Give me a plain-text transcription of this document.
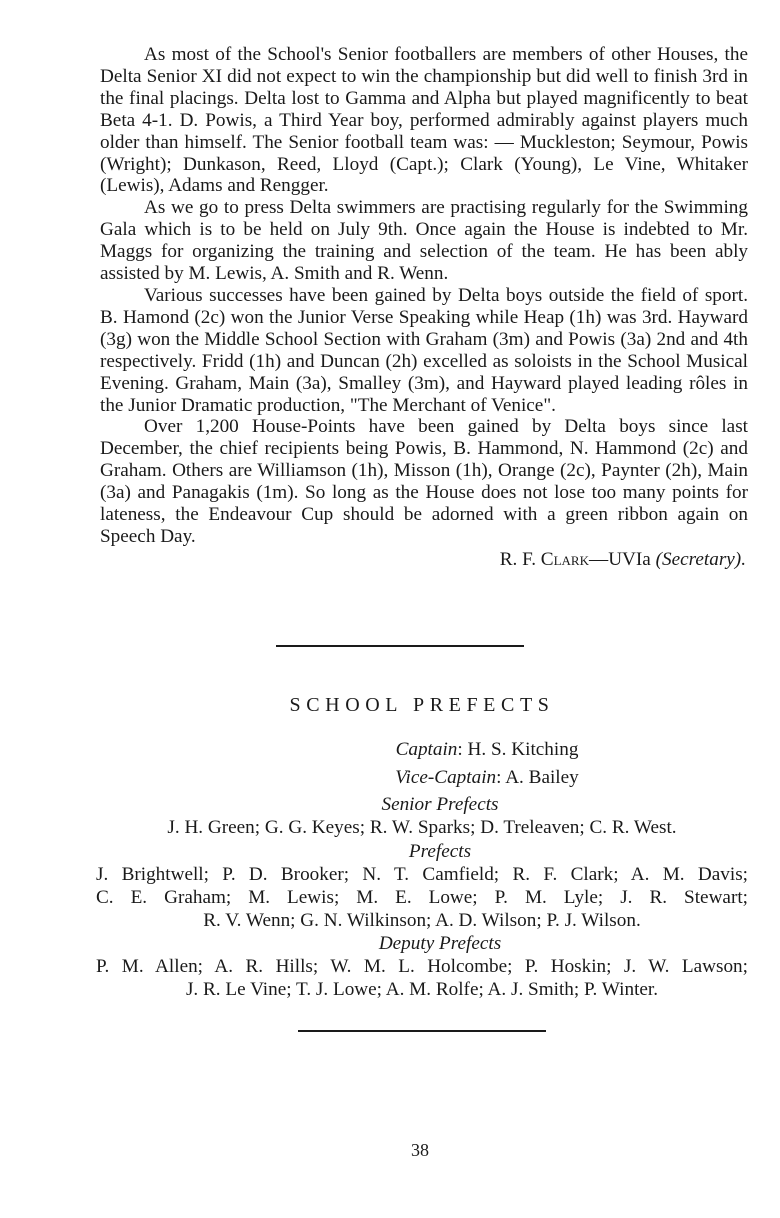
As most of the School's Senior footballers are members of other Houses, the Delta Senior XI did not expect to win the championship but did well to finish 3rd in the final placings. Delta lost to Gamma and Alpha but played magnificently to beat Beta 4-1. D. Powis, a Third Year boy, performed admirably against players much older than himself. The Senior football team was: — Muckleston; Seymour, Powis (Wright); Dunkason, Reed, Lloyd (Capt.); Clark (Young), Le Vine, Whitaker (Lewis), Adams and Rengger.

As we go to press Delta swimmers are practising regularly for the Swimming Gala which is to be held on July 9th. Once again the House is indebted to Mr. Maggs for organizing the training and selection of the team. He has been ably assisted by M. Lewis, A. Smith and R. Wenn.

Various successes have been gained by Delta boys outside the field of sport. B. Hamond (2c) won the Junior Verse Speaking while Heap (1h) was 3rd. Hayward (3g) won the Middle School Section with Graham (3m) and Powis (3a) 2nd and 4th respectively. Fridd (1h) and Duncan (2h) excelled as soloists in the School Musical Evening. Graham, Main (3a), Smalley (3m), and Hayward played leading rôles in the Junior Dramatic production, "The Merchant of Venice".

Over 1,200 House-Points have been gained by Delta boys since last December, the chief recipients being Powis, B. Hammond, N. Hammond (2c) and Graham. Others are Williamson (1h), Misson (1h), Orange (2c), Paynter (2h), Main (3a) and Panagakis (1m). So long as the House does not lose too many points for lateness, the Endeavour Cup should be adorned with a green ribbon again on Speech Day.

R. F. Clark—UVIa (Secretary).

SCHOOL PREFECTS

Captain: H. S. Kitching

Vice-Captain: A. Bailey

Senior Prefects

J. H. Green; G. G. Keyes; R. W. Sparks; D. Treleaven; C. R. West.

Prefects

J. Brightwell; P. D. Brooker; N. T. Camfield; R. F. Clark; A. M. Davis;

C. E. Graham; M. Lewis; M. E. Lowe; P. M. Lyle; J. R. Stewart;

R. V. Wenn; G. N. Wilkinson; A. D. Wilson; P. J. Wilson.

Deputy Prefects

P. M. Allen; A. R. Hills; W. M. L. Holcombe; P. Hoskin; J. W. Lawson;

J. R. Le Vine; T. J. Lowe; A. M. Rolfe; A. J. Smith; P. Winter.

38
